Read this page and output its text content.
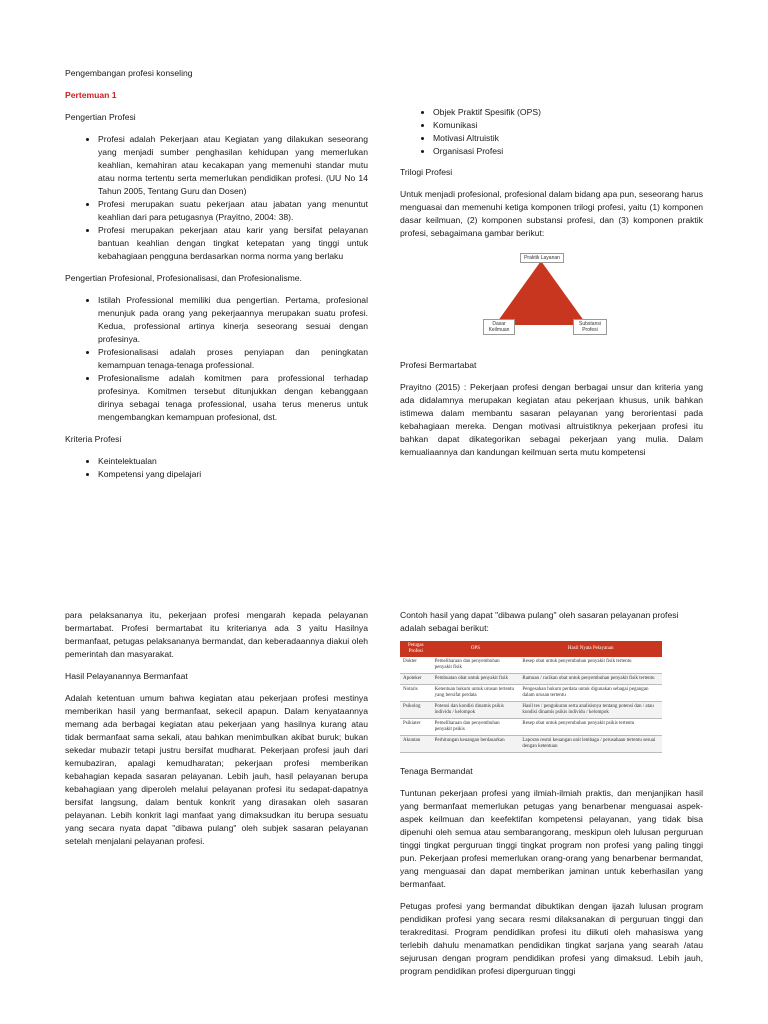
Pengembangan profesi konseling

Pertemuan 1

Pengertian Profesi

• Profesi adalah Pekerjaan atau Kegiatan yang dilakukan seseorang yang menjadi sumber penghasilan kehidupan yang memerlukan keahlian, kemahiran atau kecakapan yang memenuhi standar mutu atau norma tertentu serta memerlukan pendidikan profesi. (UU No 14 Tahun 2005, Tentang Guru dan Dosen)
• Profesi merupakan suatu pekerjaan atau jabatan yang menuntut keahlian dari para petugasnya (Prayitno, 2004: 38).
• Profesi merupakan pekerjaan atau karir yang bersifat pelayanan bantuan keahlian dengan tingkat ketepatan yang tinggi untuk kebahagiaan pengguna berdasarkan norma norma yang berlaku

Pengertian Profesional, Profesionalisasi, dan Profesionalisme.

• Istilah Professional memiliki dua pengertian. Pertama, profesional menunjuk pada orang yang pekerjaannya merupakan suatu profesi. Kedua, professional artinya kinerja seseorang sesuai dengan profesinya.
• Profesionalisasi adalah proses penyiapan dan peningkatan kemampuan tenaga-tenaga professional.
• Profesionalisme adalah komitmen para professional terhadap profesinya. Komitmen tersebut ditunjukkan dengan kebanggaan dirinya sebagai tenaga professional, usaha terus menerus untuk mengembangkan kemampuan profesional, dst.

Kriteria Profesi

• Keintelektualan
• Kompetensi yang dipelajari
• Objek Praktif Spesifik (OPS)
• Komunikasi
• Motivasi Altruistik
• Organisasi Profesi

Trilogi Profesi

Untuk menjadi profesional, profesional dalam bidang apa pun, seseorang harus menguasai dan memenuhi ketiga komponen trilogi profesi, yaitu (1) komponen dasar keilmuan, (2) komponen substansi profesi, dan (3) komponen praktik profesi, sebagaimana gambar berikut:

Praktik Layanan
Dasar Keilmuan
Substansi Profesi

Profesi Bermartabat

Prayitno (2015) : Pekerjaan profesi dengan berbagai unsur dan kriteria yang ada didalamnya merupakan kegiatan atau pekerjaan khusus, unik bahkan istimewa dalam membantu sasaran pelayanan yang berorientasi pada kebahagiaan mereka. Dengan motivasi altruistiknya pekerjaan profesi itu bahkan dapat dikategorikan sebagai pekerjaan yang mulia. Dalam kemualiaannya dan kandungan keilmuan serta mutu kompetensi

para pelaksananya itu, pekerjaan profesi mengarah kepada pelayanan bermartabat. Profesi bermartabat itu kriterianya ada 3 yaitu Hasilnya bermanfaat, petugas pelaksananya bermandat, dan keberadaannya diakui oleh pemerintah dan masyarakat.

Hasil Pelayanannya Bermanfaat

Adalah ketentuan umum bahwa kegiatan atau pekerjaan profesi mestinya memberikan hasil yang bermanfaat, sekecil apapun. Dalam kenyataannya memang ada berbagai kegiatan atau pekerjaan yang hasilnya kurang atau tidak bermanfaat sama sekali, atau bahkan menimbulkan akibat buruk; bukan sekedar mubazir tetapi justru bersifat mudharat. Pekerjaan profesi jauh dari kemubaziran, apalagi kemudharatan; pekerjaan profesi memberikan kebahagian kepada sasaran pelayanan. Lebih jauh, hasil pelayanan berupa kebahagiaan yang diperoleh melalui pelayanan profesi itu sedapat-dapatnya bersifat langsung, dalam bentuk konkrit yang dirasakan oleh sasaran pelayanan. Lebih konkrit lagi manfaat yang dimaksudkan itu berupa sesuatu yang secara nyata dapat "dibawa pulang" oleh subjek sasaran pelayanan setelah menjalani pelayanan profesi.

Contoh hasil yang dapat "dibawa pulang" oleh sasaran pelayanan profesi adalah sebagai berikut:

Petugas Profesi	OPS	Hasil Nyata Pelayanan
Dokter	Pemeliharaan dan penyembuhan penyakit fisik	Resep obat untuk penyembuhan penyakit fisik tertentu
Apoteker	Pembuatan obat untuk penyakit fisik	Ramuan / racikan obat untuk penyembuhan penyakit fisik tertentu
Notaris	Ketentuan hukum untuk urusan tertentu yang bersifat perdata	Pengesahan hukum perdata untuk digunakan sebagai pegangan dalam urusan tertentu
Psikolog	Potensi dan kondisi dinamis psikis individu / kelompok	Hasil tes / pengukuran serta analisisnya tentang potensi dan / atau kondisi dinamis psikis individu / kelompok
Psikiater	Pemeliharaan dan penyembuhan penyakit psikis	Resep obat untuk penyembuhan penyakit psikis tertentu
Akuntan	Perhitungan keuangan berdasarkan	Laporan resmi keuangan unit lembaga / perusahaan tertentu sesuai dengan ketentuan

Tenaga Bermandat

Tuntunan pekerjaan profesi yang ilmiah-ilmiah praktis, dan menjanjikan hasil yang bermanfaat memerlukan petugas yang benarbenar menguasai aspek-aspek keilmuan dan keefektifan kompetensi pelayanan, yang tidak bisa dipenuhi oleh semua atau sembarangorang, meskipun oleh lulusan perguruan tinggi tingkat perguruan tinggi tingkat program non profesi yang paling tinggi pun. Pekerjaan profesi memerlukan orang-orang yang benarbenar bermandat, yang menguasai dan dapat memberikan jaminan untuk keberhasilan yang bermanfaat.

Petugas profesi yang bermandat dibuktikan dengan ijazah lulusan program pendidikan profesi yang secara resmi dilaksanakan di perguruan tinggi dan terakreditasi. Program pendidikan profesi itu diikuti oleh mahasiswa yang terlebih dahulu menamatkan pendidikan tingkat sarjana yang searah /atau sejurusan dengan program pendidikan profesi yang dimaksud. Lebih jauh, program pendidikan profesi diperguruan tinggi
